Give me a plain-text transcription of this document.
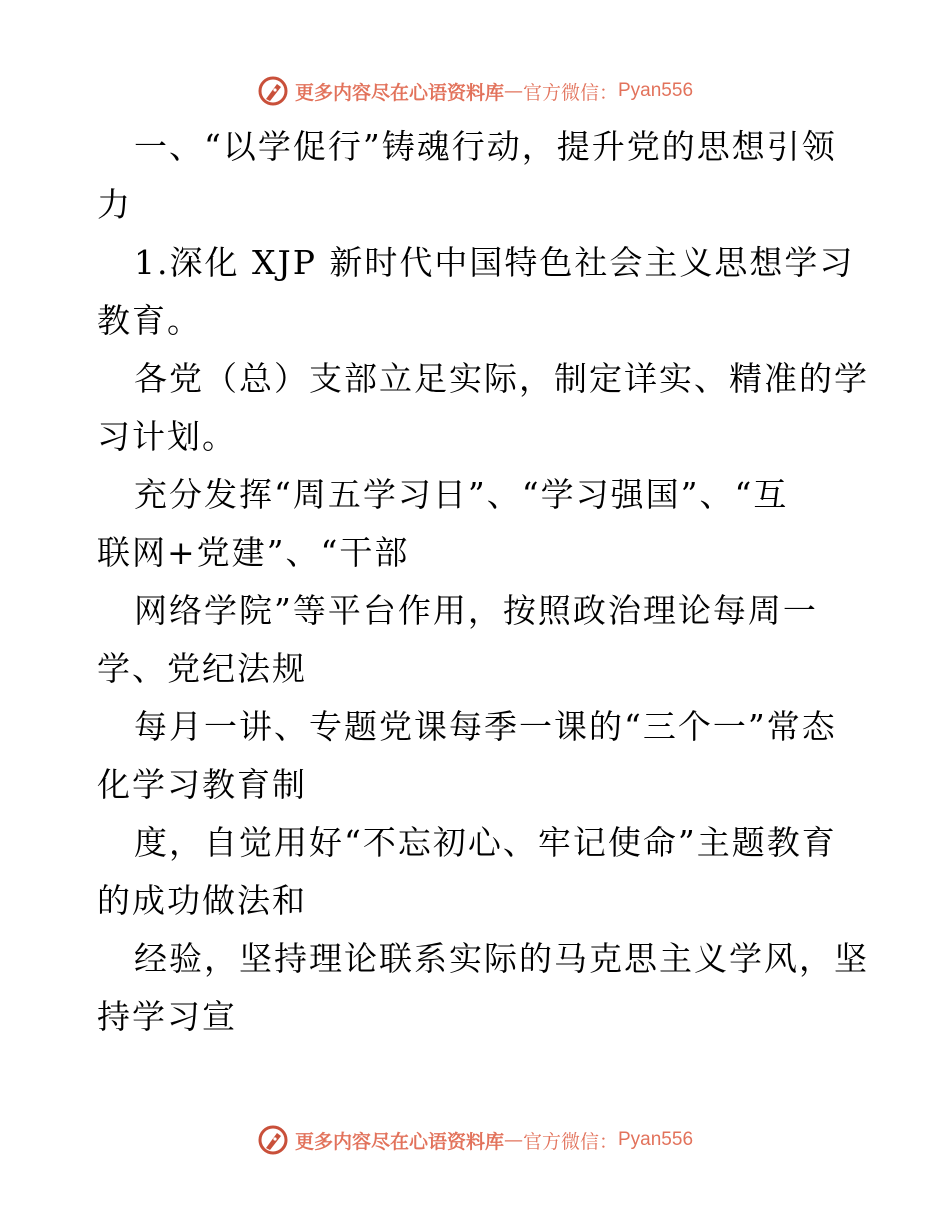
更多内容尽在心语资料库 — 官方微信： Pyan556
一、“以学促行”铸魂行动，提升党的思想引领
力
1.深化 XJP 新时代中国特色社会主义思想学习
教育。
各党（总）支部立足实际，制定详实、精准的学
习计划。
充分发挥“周五学习日”、“学习强国”、“互
联网+党建”、“干部
网络学院”等平台作用，按照政治理论每周一
学、党纪法规
每月一讲、专题党课每季一课的“三个一”常态
化学习教育制
度，自觉用好“不忘初心、牢记使命”主题教育
的成功做法和
经验，坚持理论联系实际的马克思主义学风，坚
持学习宣
更多内容尽在心语资料库 — 官方微信： Pyan556
